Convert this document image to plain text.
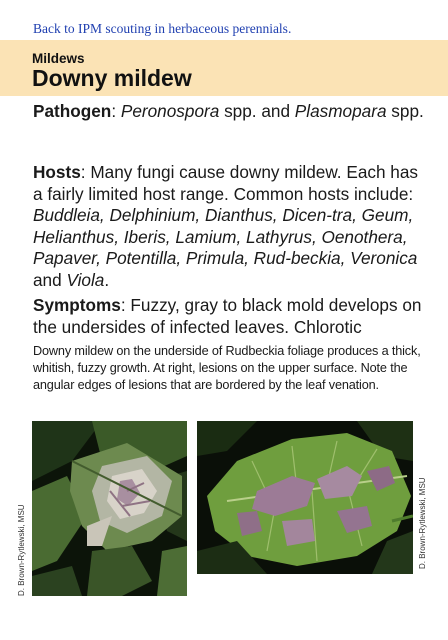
Back to IPM scouting in herbaceous perennials.
Mildews
Downy mildew

Pathogen: Peronospora spp. and Plasmopara spp.

Hosts: Many fungi cause downy mildew. Each has a fairly limited host range. Common hosts include: Buddleia, Delphinium, Dianthus, Dicen-tra, Geum, Helianthus, Iberis, Lamium, Lathyrus, Oenothera, Papaver, Potentilla, Primula, Rud-beckia, Veronica and Viola.

Symptoms: Fuzzy, gray to black mold develops on the undersides of infected leaves. Chlorotic

Downy mildew on the underside of Rudbeckia foliage produces a thick, whitish, fuzzy growth. At right, lesions on the upper surface. Note the angular edges of lesions that are bordered by the leaf venation.

D. Brown-Rytlewski, MSU	D. Brown-Rytlewski, MSU
